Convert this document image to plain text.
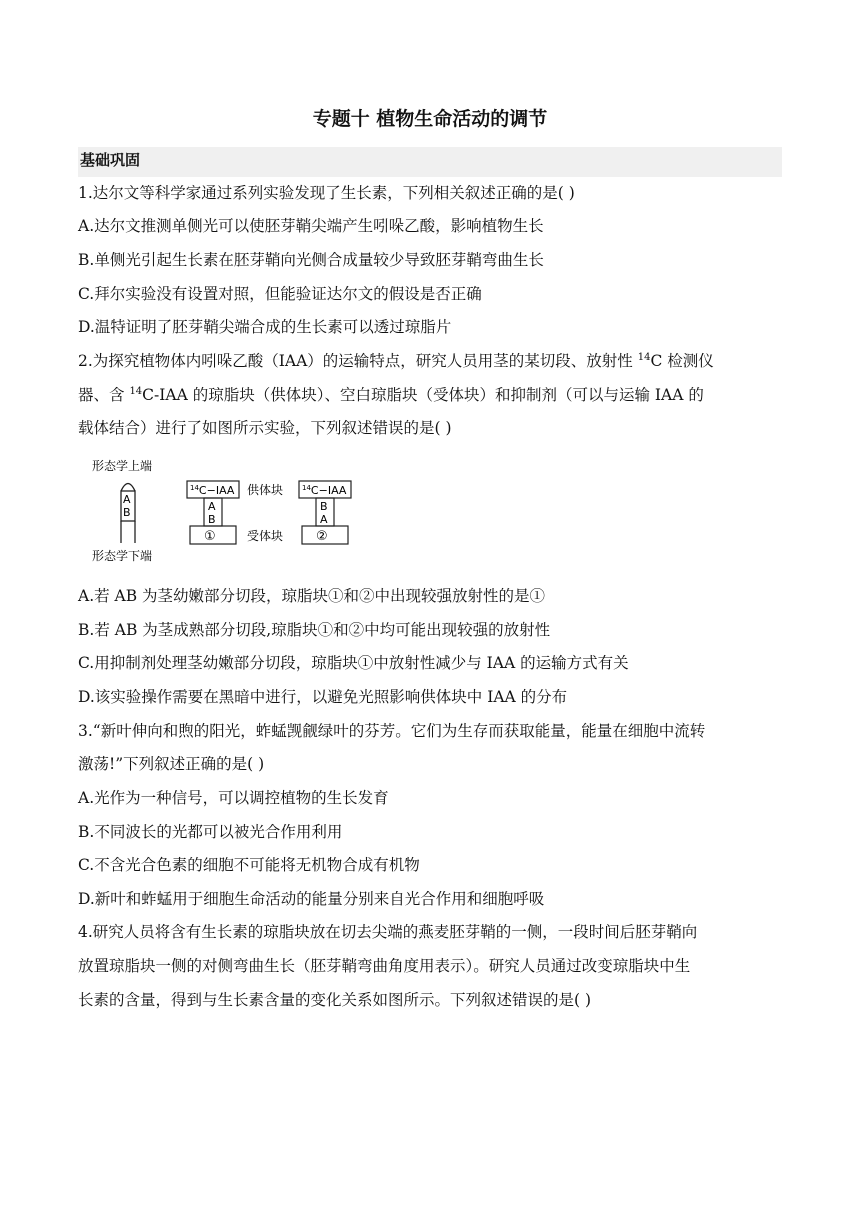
专题十 植物生命活动的调节
基础巩固
1.达尔文等科学家通过系列实验发现了生长素，下列相关叙述正确的是( )
A.达尔文推测单侧光可以使胚芽鞘尖端产生吲哚乙酸，影响植物生长
B.单侧光引起生长素在胚芽鞘向光侧合成量较少导致胚芽鞘弯曲生长
C.拜尔实验没有设置对照，但能验证达尔文的假设是否正确
D.温特证明了胚芽鞘尖端合成的生长素可以透过琼脂片
2.为探究植物体内吲哚乙酸（IAA）的运输特点，研究人员用茎的某切段、放射性 $^{14}$C 检测仪
器、含 $^{14}$C-IAA 的琼脂块（供体块）、空白琼脂块（受体块）和抑制剂（可以与运输 IAA 的
载体结合）进行了如图所示实验，下列叙述错误的是( )
形态学上端
A
B
形态学下端
$^{14}$C−IAA
A
B
①
供体块
受体块
$^{14}$C−IAA
B
A
②
A.若 AB 为茎幼嫩部分切段，琼脂块①和②中出现较强放射性的是①
B.若 AB 为茎成熟部分切段,琼脂块①和②中均可能出现较强的放射性
C.用抑制剂处理茎幼嫩部分切段，琼脂块①中放射性减少与 IAA 的运输方式有关
D.该实验操作需要在黑暗中进行，以避免光照影响供体块中 IAA 的分布
3.“新叶伸向和煦的阳光，蚱蜢觊觎绿叶的芬芳。它们为生存而获取能量，能量在细胞中流转
激荡!”下列叙述正确的是( )
A.光作为一种信号，可以调控植物的生长发育
B.不同波长的光都可以被光合作用利用
C.不含光合色素的细胞不可能将无机物合成有机物
D.新叶和蚱蜢用于细胞生命活动的能量分别来自光合作用和细胞呼吸
4.研究人员将含有生长素的琼脂块放在切去尖端的燕麦胚芽鞘的一侧，一段时间后胚芽鞘向
放置琼脂块一侧的对侧弯曲生长（胚芽鞘弯曲角度用表示）。研究人员通过改变琼脂块中生
长素的含量，得到与生长素含量的变化关系如图所示。下列叙述错误的是( )
